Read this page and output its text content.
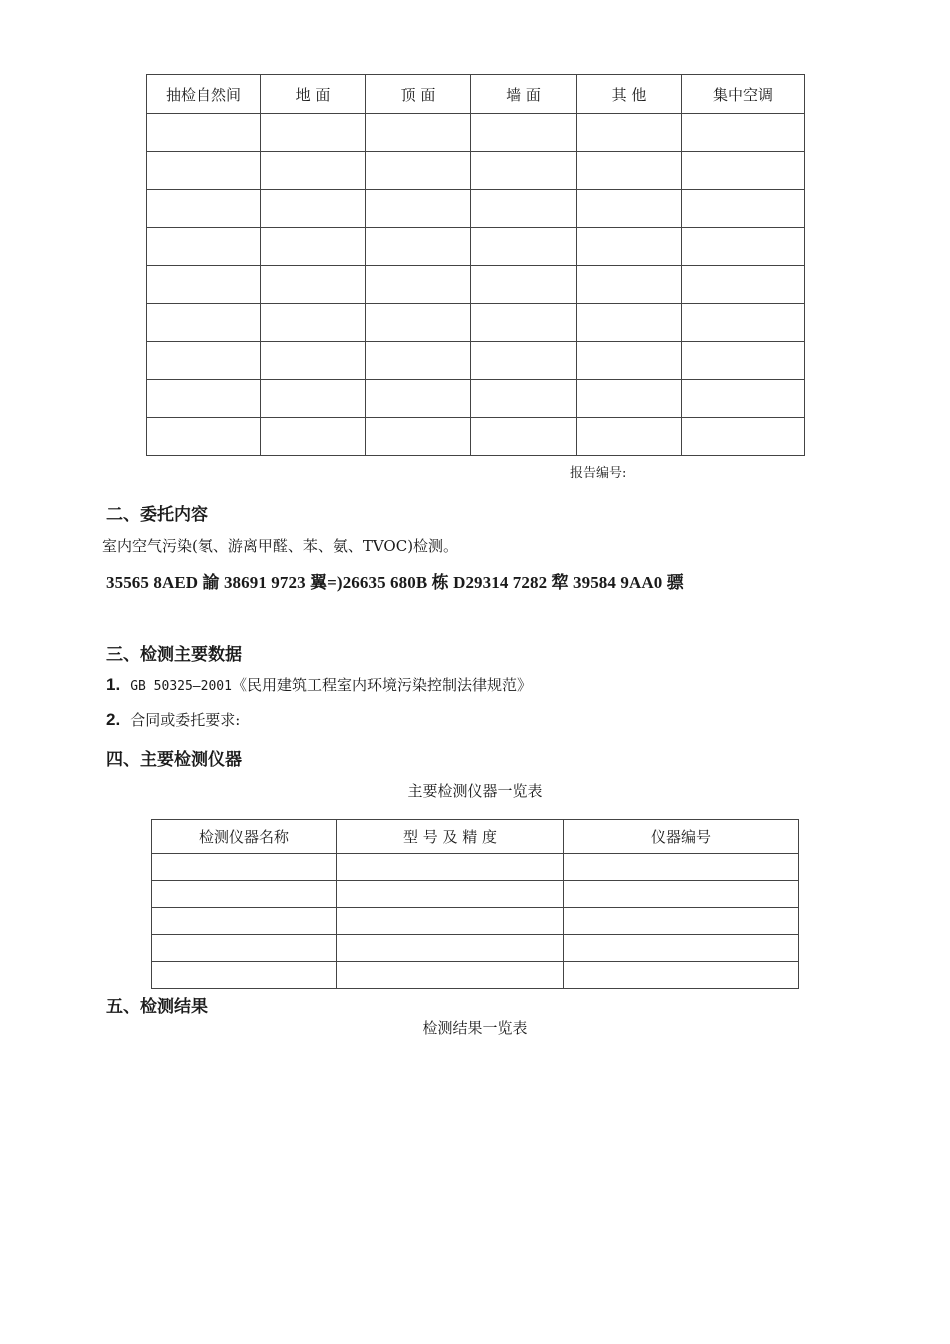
抽检自然间	地 面	顶 面	墙 面	其 他	集中空调

报告编号:
二、委托内容
室内空气污染(氡、游离甲醛、苯、氨、TVOC)检测。
35565 8AED 諭 38691 9723 翼=)26635 680B 栋 D29314 7282 犂 39584 9AA0 骠
三、检测主要数据
1. GB 50325—2001《民用建筑工程室内环境污染控制法律规范》
2. 合同或委托要求:
四、主要检测仪器
主要检测仪器一览表
检测仪器名称	型 号 及 精 度	仪器编号

五、检测结果
检测结果一览表
